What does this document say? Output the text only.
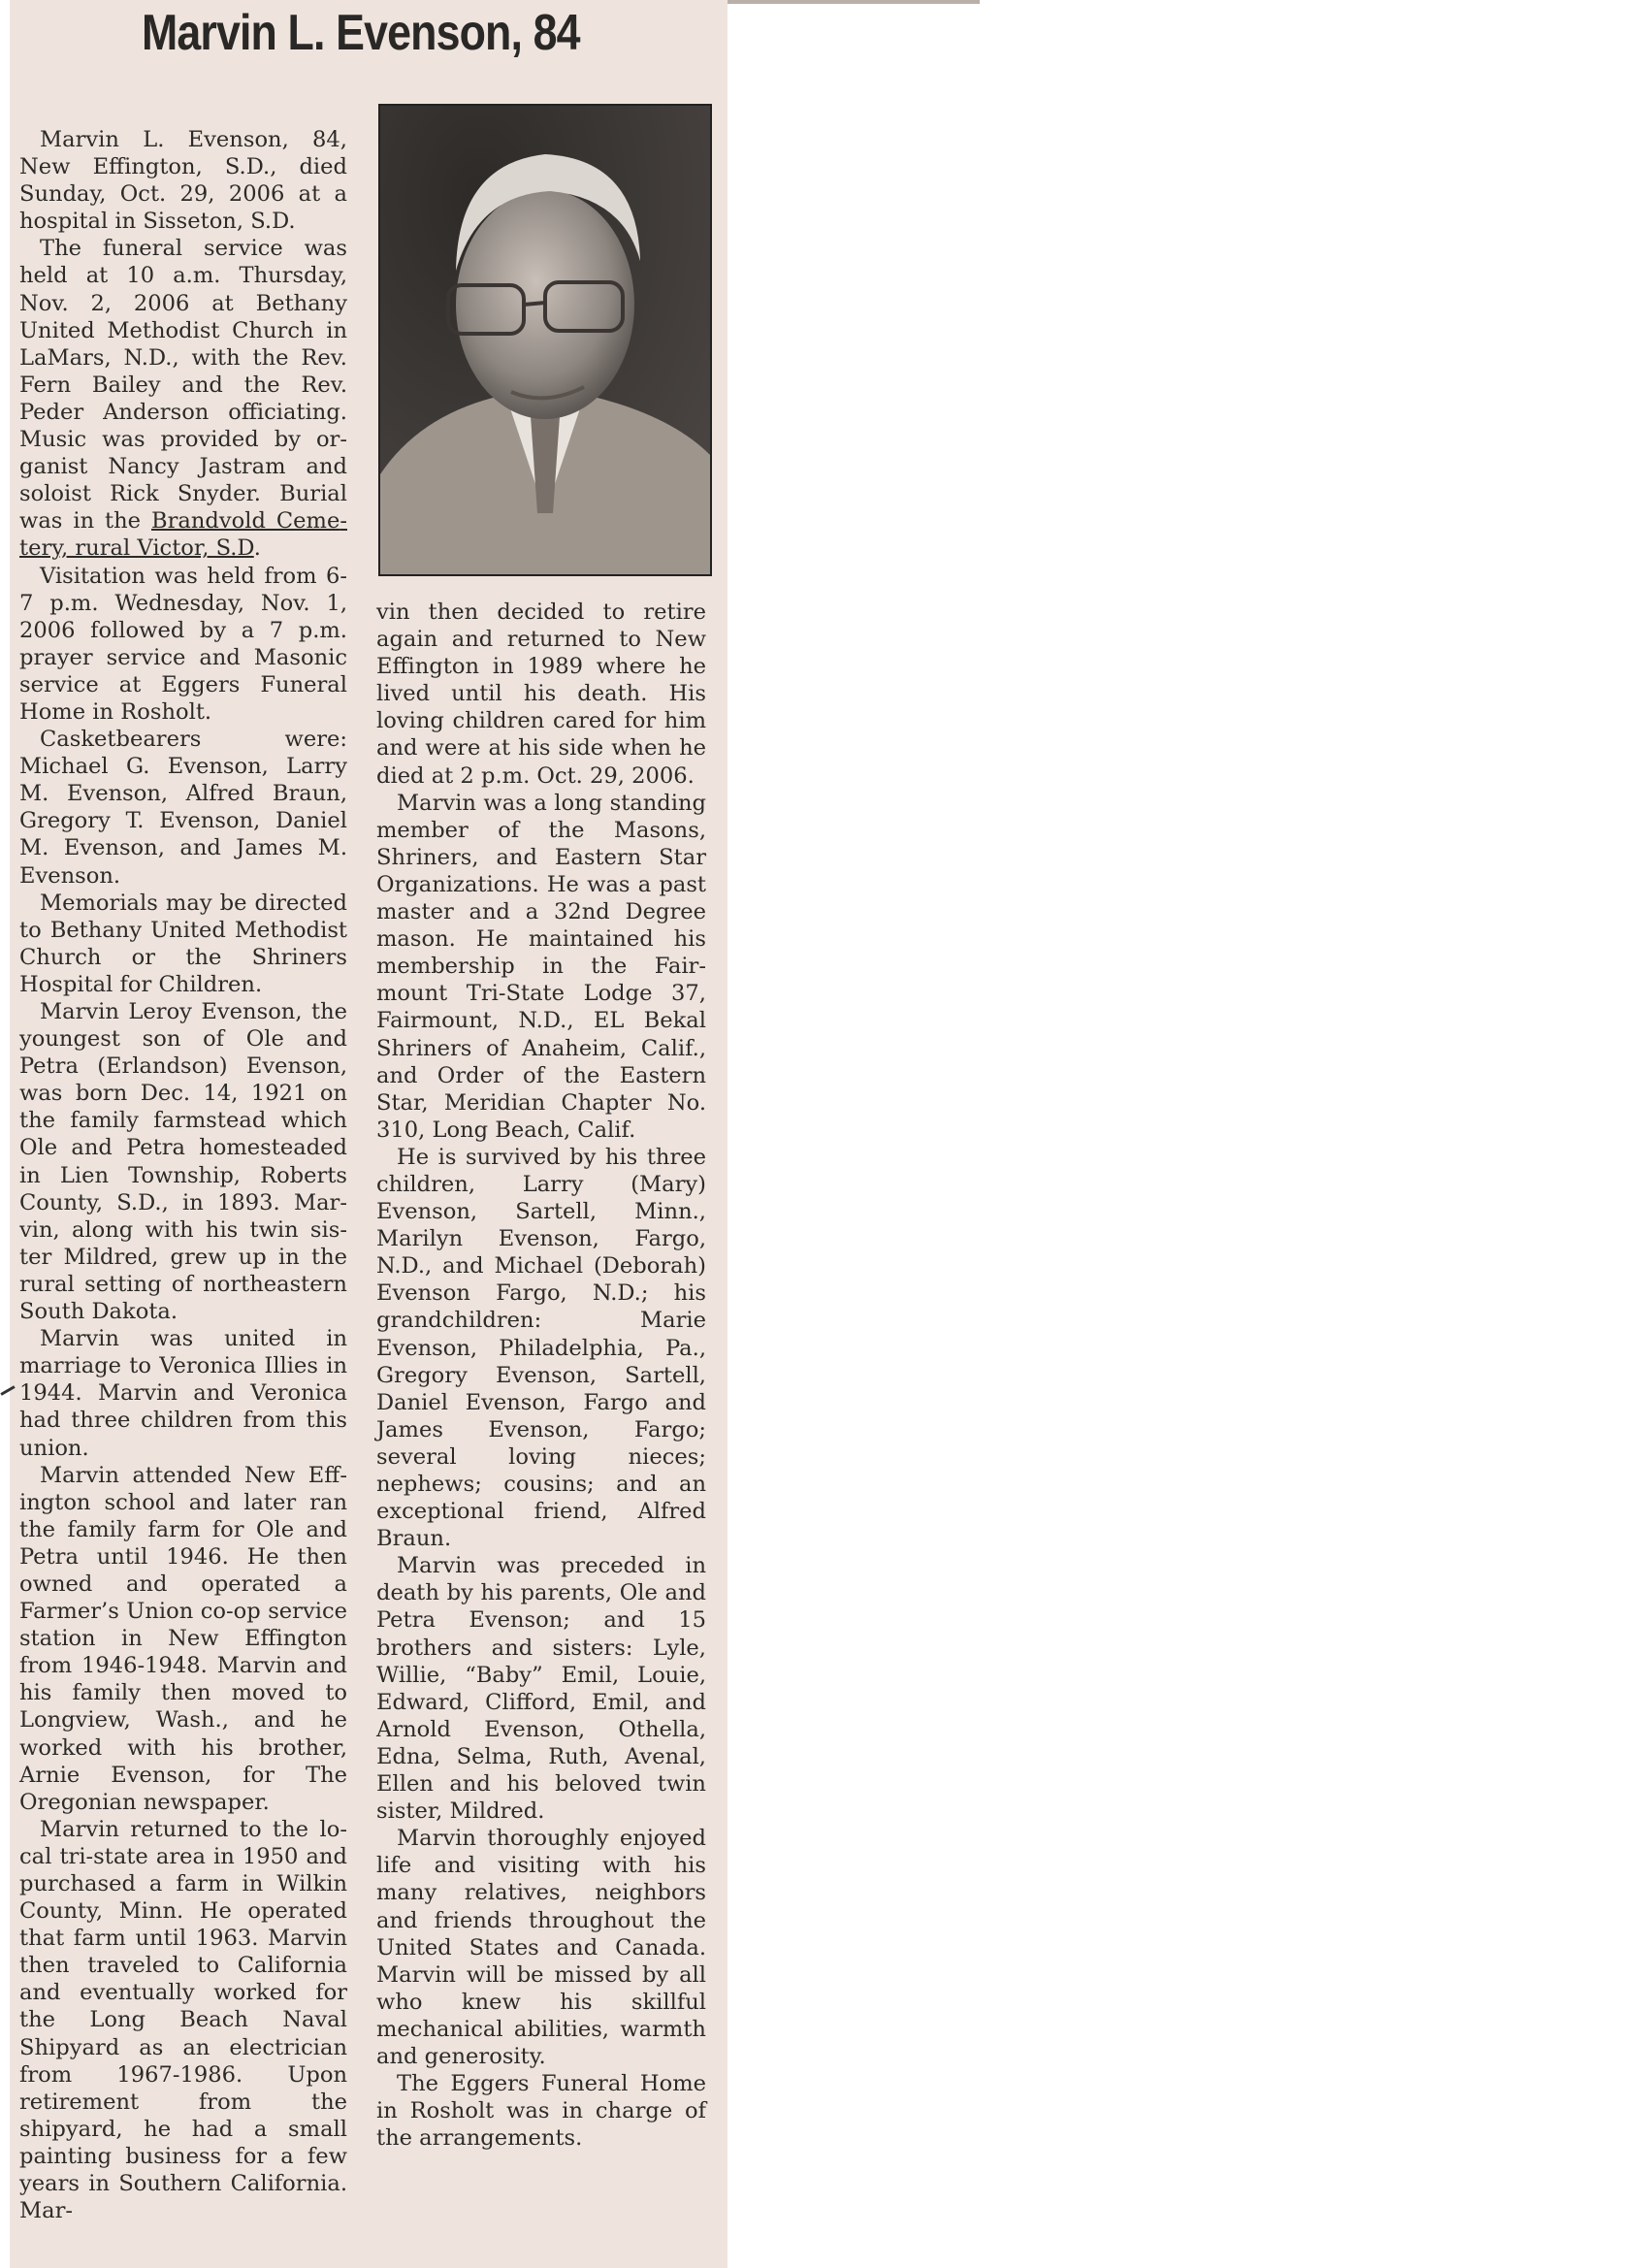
Marvin L. Evenson, 84

Marvin L. Evenson, 84, New Effington, S.D., died Sunday, Oct. 29, 2006 at a hospital in Sisseton, S.D.

The funeral service was held at 10 a.m. Thursday, Nov. 2, 2006 at Bethany United Methodist Church in LaMars, N.D., with the Rev. Fern Bailey and the Rev. Peder Anderson officiating. Music was provided by organist Nancy Jastram and soloist Rick Snyder. Burial was in the Brandvold Cemetery, rural Victor, S.D.

Visitation was held from 6-7 p.m. Wednesday, Nov. 1, 2006 followed by a 7 p.m. prayer service and Masonic service at Eggers Funeral Home in Rosholt.

Casketbearers were: Michael G. Evenson, Larry M. Evenson, Alfred Braun, Gregory T. Evenson, Daniel M. Evenson, and James M. Evenson.

Memorials may be directed to Bethany United Methodist Church or the Shriners Hospital for Children.

Marvin Leroy Evenson, the youngest son of Ole and Petra (Erlandson) Evenson, was born Dec. 14, 1921 on the family farmstead which Ole and Petra homesteaded in Lien Township, Roberts County, S.D., in 1893. Marvin, along with his twin sister Mildred, grew up in the rural setting of northeastern South Dakota.

Marvin was united in marriage to Veronica Illies in 1944. Marvin and Veronica had three children from this union.

Marvin attended New Effington school and later ran the family farm for Ole and Petra until 1946. He then owned and operated a Farmer’s Union co-op service station in New Effington from 1946-1948. Marvin and his family then moved to Longview, Wash., and he worked with his brother, Arnie Evenson, for The Oregonian newspaper.

Marvin returned to the local tri-state area in 1950 and purchased a farm in Wilkin County, Minn. He operated that farm until 1963. Marvin then traveled to California and eventually worked for the Long Beach Naval Shipyard as an electrician from 1967-1986. Upon retirement from the shipyard, he had a small painting business for a few years in Southern California. Mar-

vin then decided to retire again and returned to New Effington in 1989 where he lived until his death. His loving children cared for him and were at his side when he died at 2 p.m. Oct. 29, 2006.

Marvin was a long standing member of the Masons, Shriners, and Eastern Star Organizations. He was a past master and a 32nd Degree mason. He maintained his membership in the Fairmount Tri-State Lodge 37, Fairmount, N.D., EL Bekal Shriners of Anaheim, Calif., and Order of the Eastern Star, Meridian Chapter No. 310, Long Beach, Calif.

He is survived by his three children, Larry (Mary) Evenson, Sartell, Minn., Marilyn Evenson, Fargo, N.D., and Michael (Deborah) Evenson Fargo, N.D.; his grandchildren: Marie Evenson, Philadelphia, Pa., Gregory Evenson, Sartell, Daniel Evenson, Fargo and James Evenson, Fargo; several loving nieces; nephews; cousins; and an exceptional friend, Alfred Braun.

Marvin was preceded in death by his parents, Ole and Petra Evenson; and 15 brothers and sisters: Lyle, Willie, “Baby” Emil, Louie, Edward, Clifford, Emil, and Arnold Evenson, Othella, Edna, Selma, Ruth, Avenal, Ellen and his beloved twin sister, Mildred.

Marvin thoroughly enjoyed life and visiting with his many relatives, neighbors and friends throughout the United States and Canada. Marvin will be missed by all who knew his skillful mechanical abilities, warmth and generosity.

The Eggers Funeral Home in Rosholt was in charge of the arrangements.
